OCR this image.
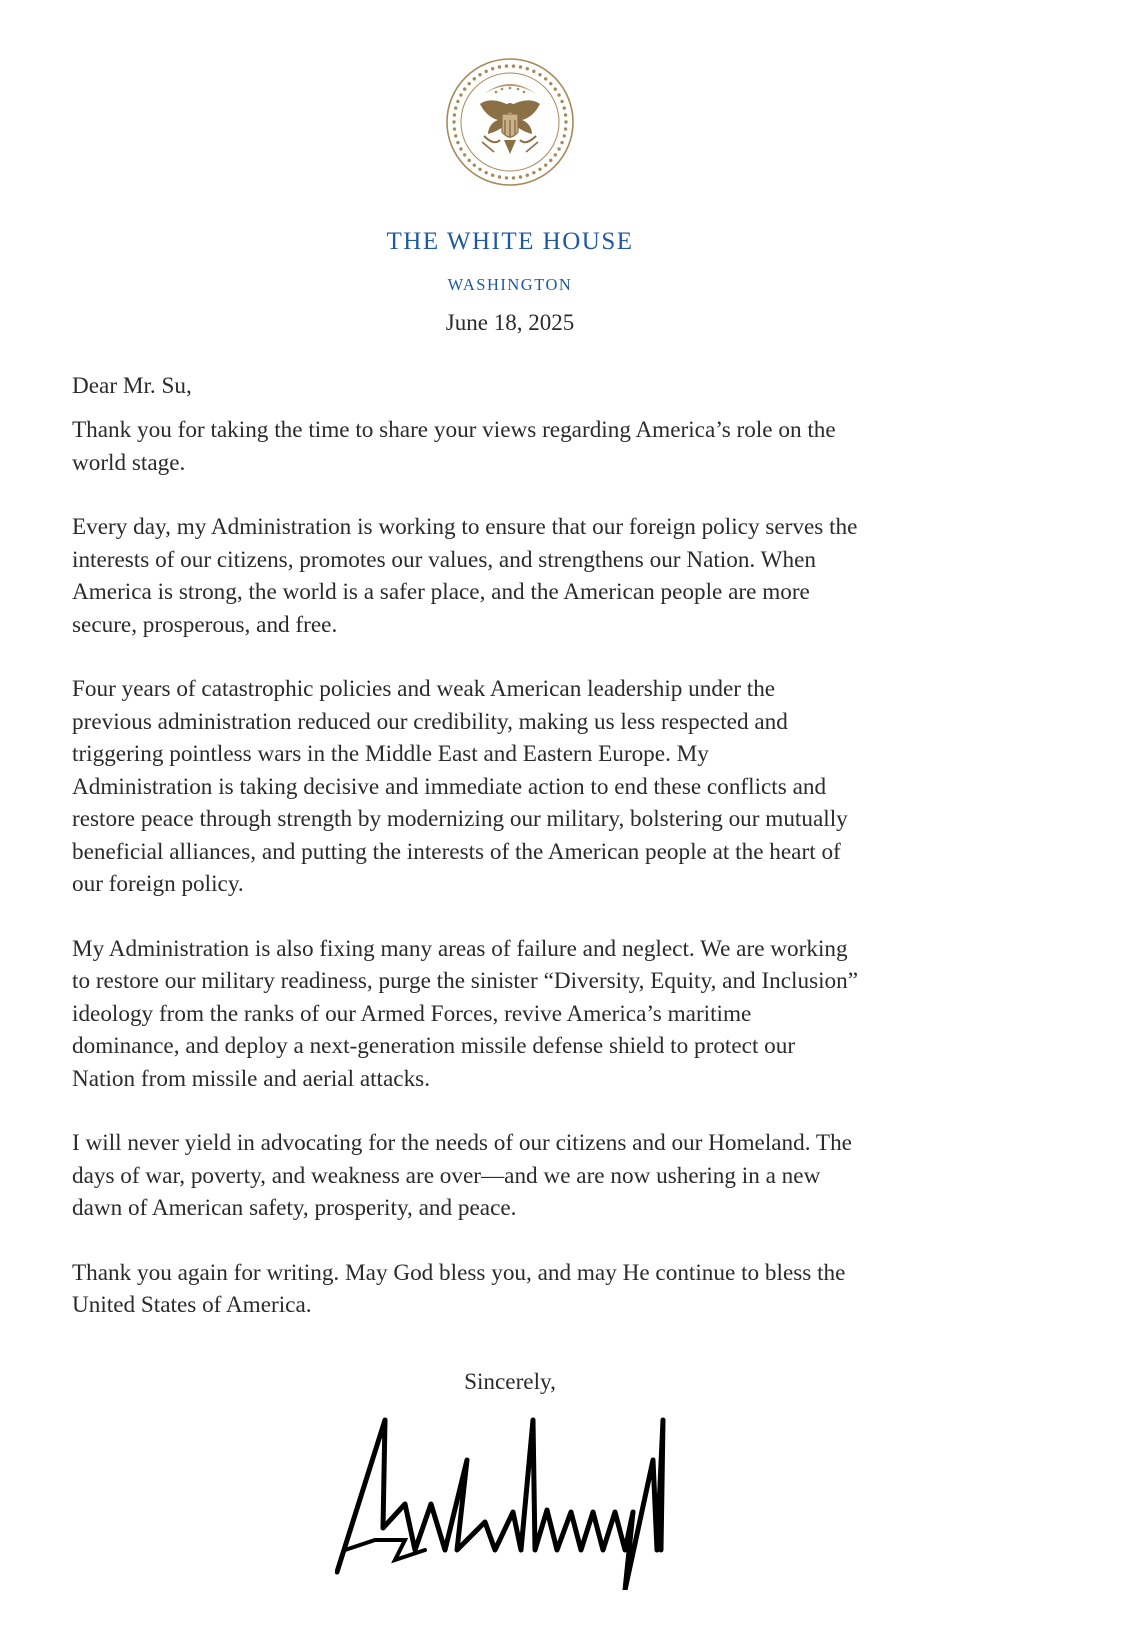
THE WHITE HOUSE
WASHINGTON
June 18, 2025
Dear Mr. Su,

Thank you for taking the time to share your views regarding America’s role on the
world stage.

Every day, my Administration is working to ensure that our foreign policy serves the
interests of our citizens, promotes our values, and strengthens our Nation. When
America is strong, the world is a safer place, and the American people are more
secure, prosperous, and free.

Four years of catastrophic policies and weak American leadership under the
previous administration reduced our credibility, making us less respected and
triggering pointless wars in the Middle East and Eastern Europe. My
Administration is taking decisive and immediate action to end these conflicts and
restore peace through strength by modernizing our military, bolstering our mutually
beneficial alliances, and putting the interests of the American people at the heart of
our foreign policy.

My Administration is also fixing many areas of failure and neglect. We are working
to restore our military readiness, purge the sinister “Diversity, Equity, and Inclusion”
ideology from the ranks of our Armed Forces, revive America’s maritime
dominance, and deploy a next-generation missile defense shield to protect our
Nation from missile and aerial attacks.

I will never yield in advocating for the needs of our citizens and our Homeland. The
days of war, poverty, and weakness are over—and we are now ushering in a new
dawn of American safety, prosperity, and peace.

Thank you again for writing. May God bless you, and may He continue to bless the
United States of America.

Sincerely,
